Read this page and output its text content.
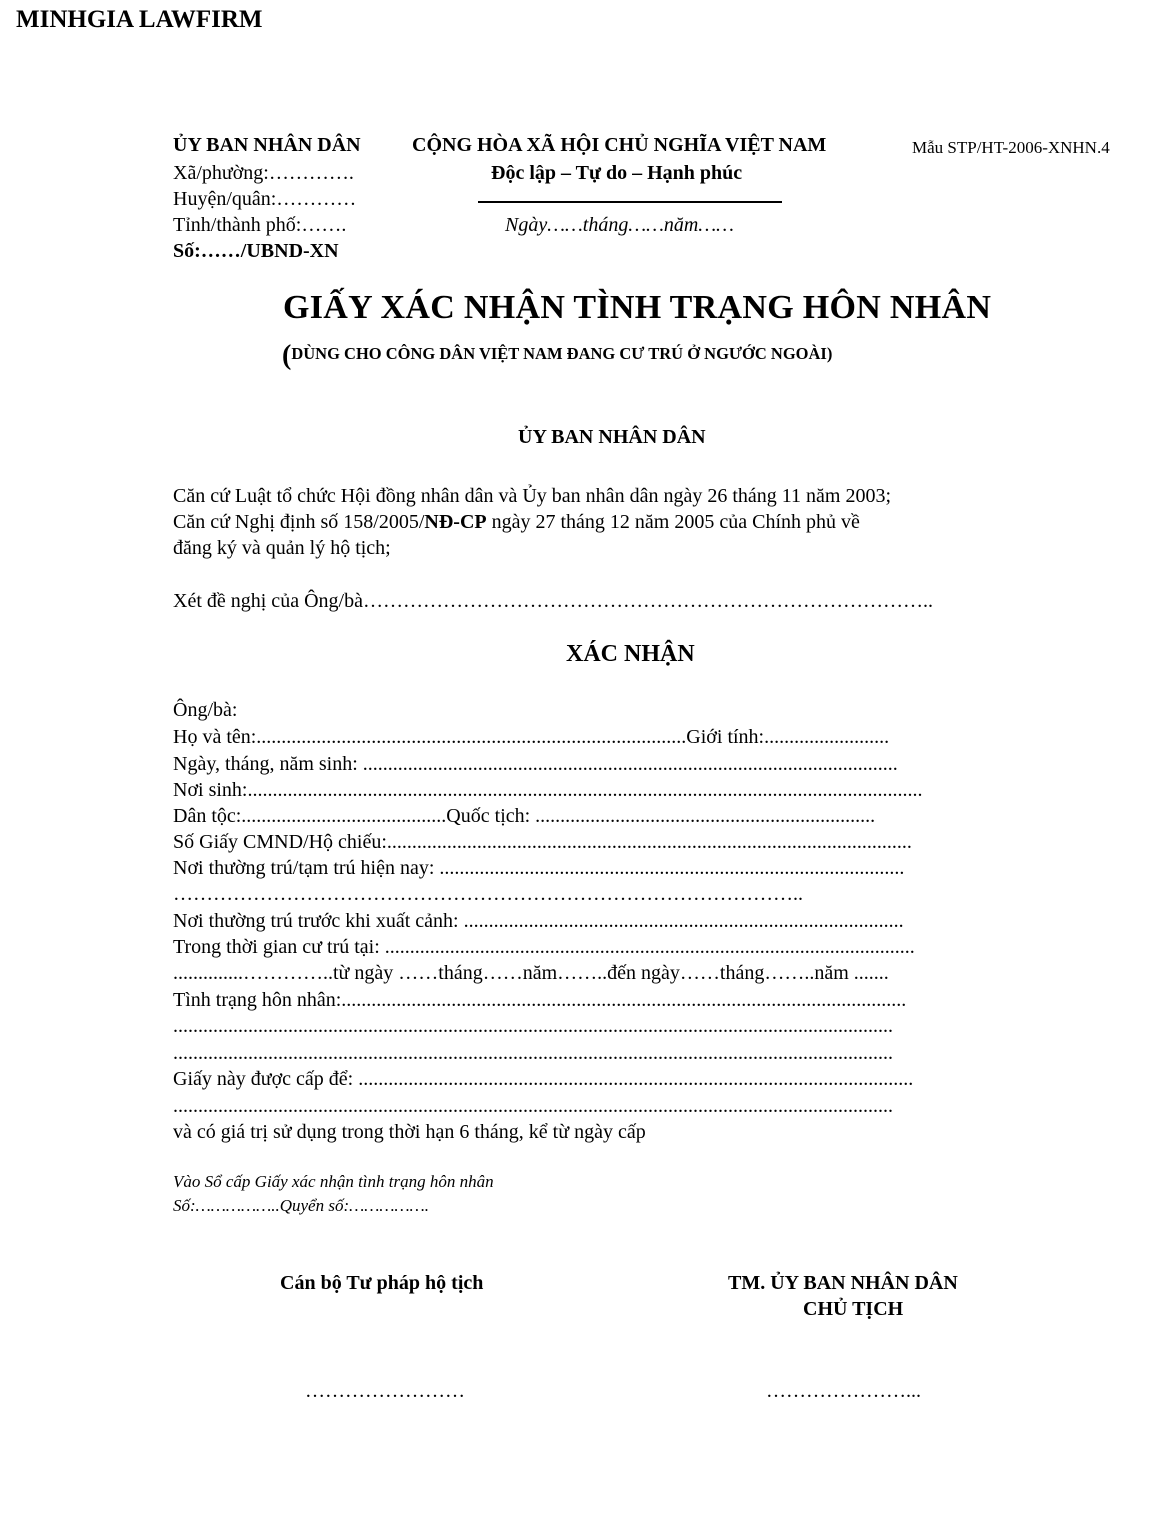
MINHGIA LAWFIRM
ỦY BAN NHÂN DÂN
Xã/phường:………….
Huyện/quân:…………
Tỉnh/thành phố:…….
Số:……/UBND-XN
CỘNG HÒA XÃ HỘI CHỦ NGHĨA VIỆT NAM	Mẫu STP/HT-2006-XNHN.4
Độc lập – Tự do – Hạnh phúc
Ngày……tháng……năm……
GIẤY XÁC NHẬN TÌNH TRẠNG HÔN NHÂN
(DÙNG CHO CÔNG DÂN VIỆT NAM ĐANG CƯ TRÚ Ở NGƯỚC NGOÀI)
ỦY BAN NHÂN DÂN
Căn cứ Luật tổ chức Hội đồng nhân dân và Ủy ban nhân dân ngày 26 tháng 11 năm 2003;
Căn cứ Nghị định số 158/2005/NĐ-CP ngày 27 tháng 12 năm 2005 của Chính phủ về
đăng ký và quản lý hộ tịch;
Xét đề nghị của Ông/bà…………………………………………………………………………..
XÁC NHẬN
Ông/bà:
Họ và tên:......................................................................................Giới tính:.........................
Ngày, tháng, năm sinh: ...........................................................................................................
Nơi sinh:.......................................................................................................................................
Dân tộc:.........................................Quốc tịch: ....................................................................
Số Giấy CMND/Hộ chiếu:.........................................................................................................
Nơi thường trú/tạm trú hiện nay: .............................................................................................
…………………………………………………………………………………..
Nơi thường trú trước khi xuất cảnh: ........................................................................................
Trong thời gian cư trú tại: ..........................................................................................................
..............…………..từ ngày ……tháng……năm……..đến ngày……tháng……..năm .......
Tình trạng hôn nhân:.................................................................................................................
................................................................................................................................................
................................................................................................................................................
Giấy này được cấp để: ...............................................................................................................
................................................................................................................................................
và có giá trị sử dụng trong thời hạn 6 tháng, kể từ ngày cấp
Vào Sổ cấp Giấy xác nhận tình trạng hôn nhân
Số:……………..Quyển số:…………….
Cán bộ Tư pháp hộ tịch
……………………
TM. ỦY BAN NHÂN DÂN
CHỦ TỊCH
…………………...
